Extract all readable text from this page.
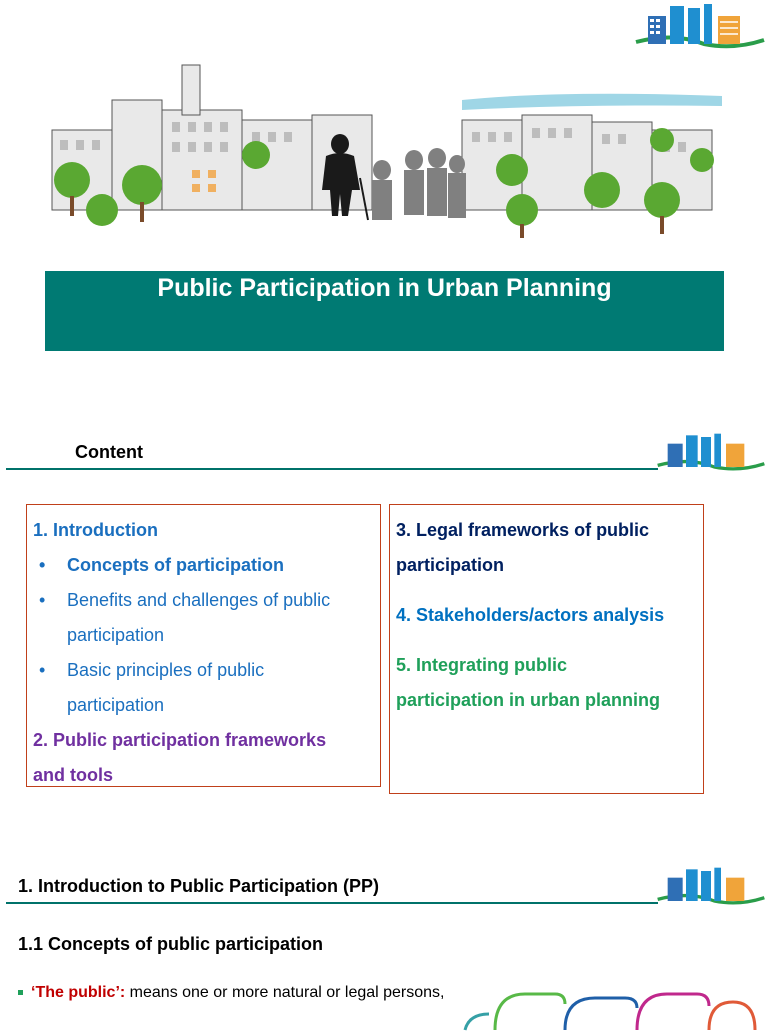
Public Participation in Urban Planning
Content
1. Introduction
• Concepts of participation
• Benefits and challenges of public
participation
• Basic principles of public
participation
2. Public participation frameworks
and tools
3. Legal frameworks of public
participation
4. Stakeholders/actors analysis
5. Integrating public
participation in urban planning
1. Introduction to Public Participation (PP)
1.1 Concepts of public participation
‘The public’: means one or more natural or legal persons,
